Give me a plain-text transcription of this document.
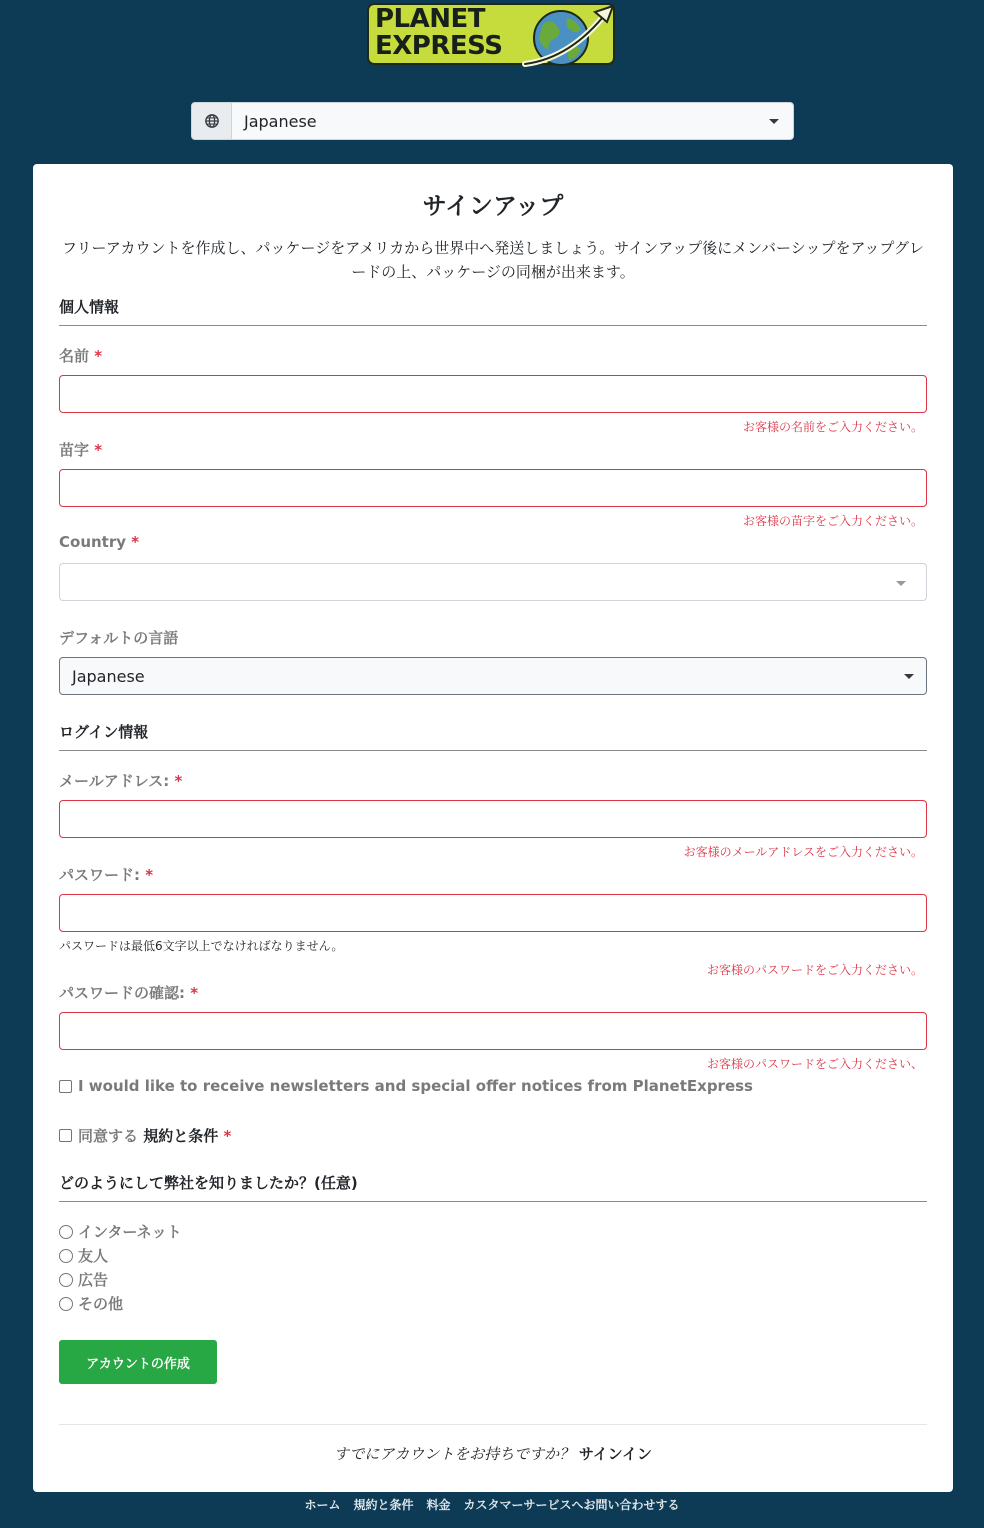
PLANET
EXPRESS
Japanese
サインアップ

フリーアカウントを作成し、パッケージをアメリカから世界中へ発送しましょう。サインアップ後にメンバーシップをアップグレードの上、パッケージの同梱が出来ます。

個人情報
名前 *
お客様の名前をご入力ください。
苗字 *
お客様の苗字をご入力ください。
Country *
デフォルトの言語
Japanese
ログイン情報
メールアドレス: *
お客様のメールアドレスをご入力ください。
パスワード: *
パスワードは最低6文字以上でなければなりません。
お客様のパスワードをご入力ください。
パスワードの確認: *
お客様のパスワードをご入力ください、
I would like to receive newsletters and special offer notices from PlanetExpress
同意する
規約と条件
*
どのようにして弊社を知りましたか？(任意)
インターネット
友人
広告
その他
アカウントの作成
すでにアカウントをお持ちですか？ サインイン
ホーム 規約と条件 料金 カスタマーサービスへお問い合わせする
